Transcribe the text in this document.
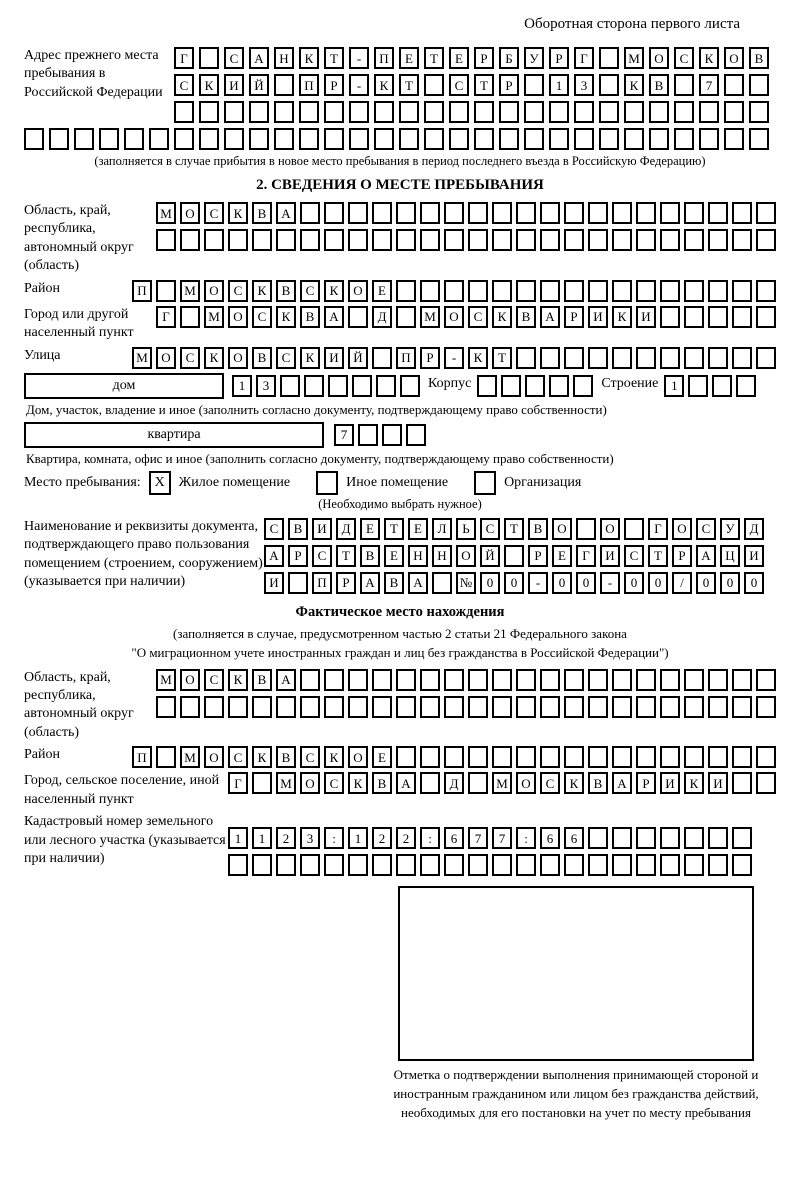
Оборотная сторона первого листа
Адрес прежнего места пребывания в Российской Федерации
Г	С	А	Н	К	Т	-	П	Е	Т	Е	Р	Б	У	Р	Г	М	О	С	К	О	В
С	К	И	Й	П	Р	-	К	Т	С	Т	Р	1	3	К	В	7
(заполняется в случае прибытия в новое место пребывания в период последнего въезда в Российскую Федерацию)
2. СВЕДЕНИЯ О МЕСТЕ ПРЕБЫВАНИЯ
Область, край, республика, автономный округ (область)
М	О	С	К	В	А
Район	П	М	О	С	К	В	С	К	О	Е
Город или другой населенный пункт
Г	М	О	С	К	В	А	Д	М	О	С	К	В	А	Р	И	К	И
Улица	М	О	С	К	О	В	С	К	И	Й	П	Р	-	К	Т
дом	1	3	Корпус	Строение 1
Дом, участок, владение и иное (заполнить согласно документу, подтверждающему право собственности)
квартира	7
Квартира, комната, офис и иное (заполнить согласно документу, подтверждающему право собственности)
Место пребывания: X Жилое помещение	Иное помещение	Организация
(Необходимо выбрать нужное)
Наименование и реквизиты документа, подтверждающего право пользования помещением (строением, сооружением) (указывается при наличии)
С	В	И	Д	Е	Т	Е	Л	Ь	С	Т	В	О	О	Г	О	С	У	Д
А	Р	С	Т	В	Е	Н	Н	О	Й	Р	Е	Г	И	С	Т	Р	А	Ц	И
И	П	Р	А	В	А	№	0	0	-	0	0	-	0	0	/	0	0	0
Фактическое место нахождения
(заполняется в случае, предусмотренном частью 2 статьи 21 Федерального закона
"О миграционном учете иностранных граждан и лиц без гражданства в Российской Федерации")
Область, край, республика, автономный округ (область)
М	О	С	К	В	А
Район	П	М	О	С	К	В	С	К	О	Е
Город, сельское поселение, иной населенный пункт
Г	М	О	С	К	В	А	Д	М	О	С	К	В	А	Р	И	К	И
Кадастровый номер земельного или лесного участка (указывается при наличии)
1	1	2	3	:	1	2	2	:	6	7	7	:	6	6
Отметка о подтверждении выполнения принимающей стороной и иностранным гражданином или лицом без гражданства действий, необходимых для его постановки на учет по месту пребывания
